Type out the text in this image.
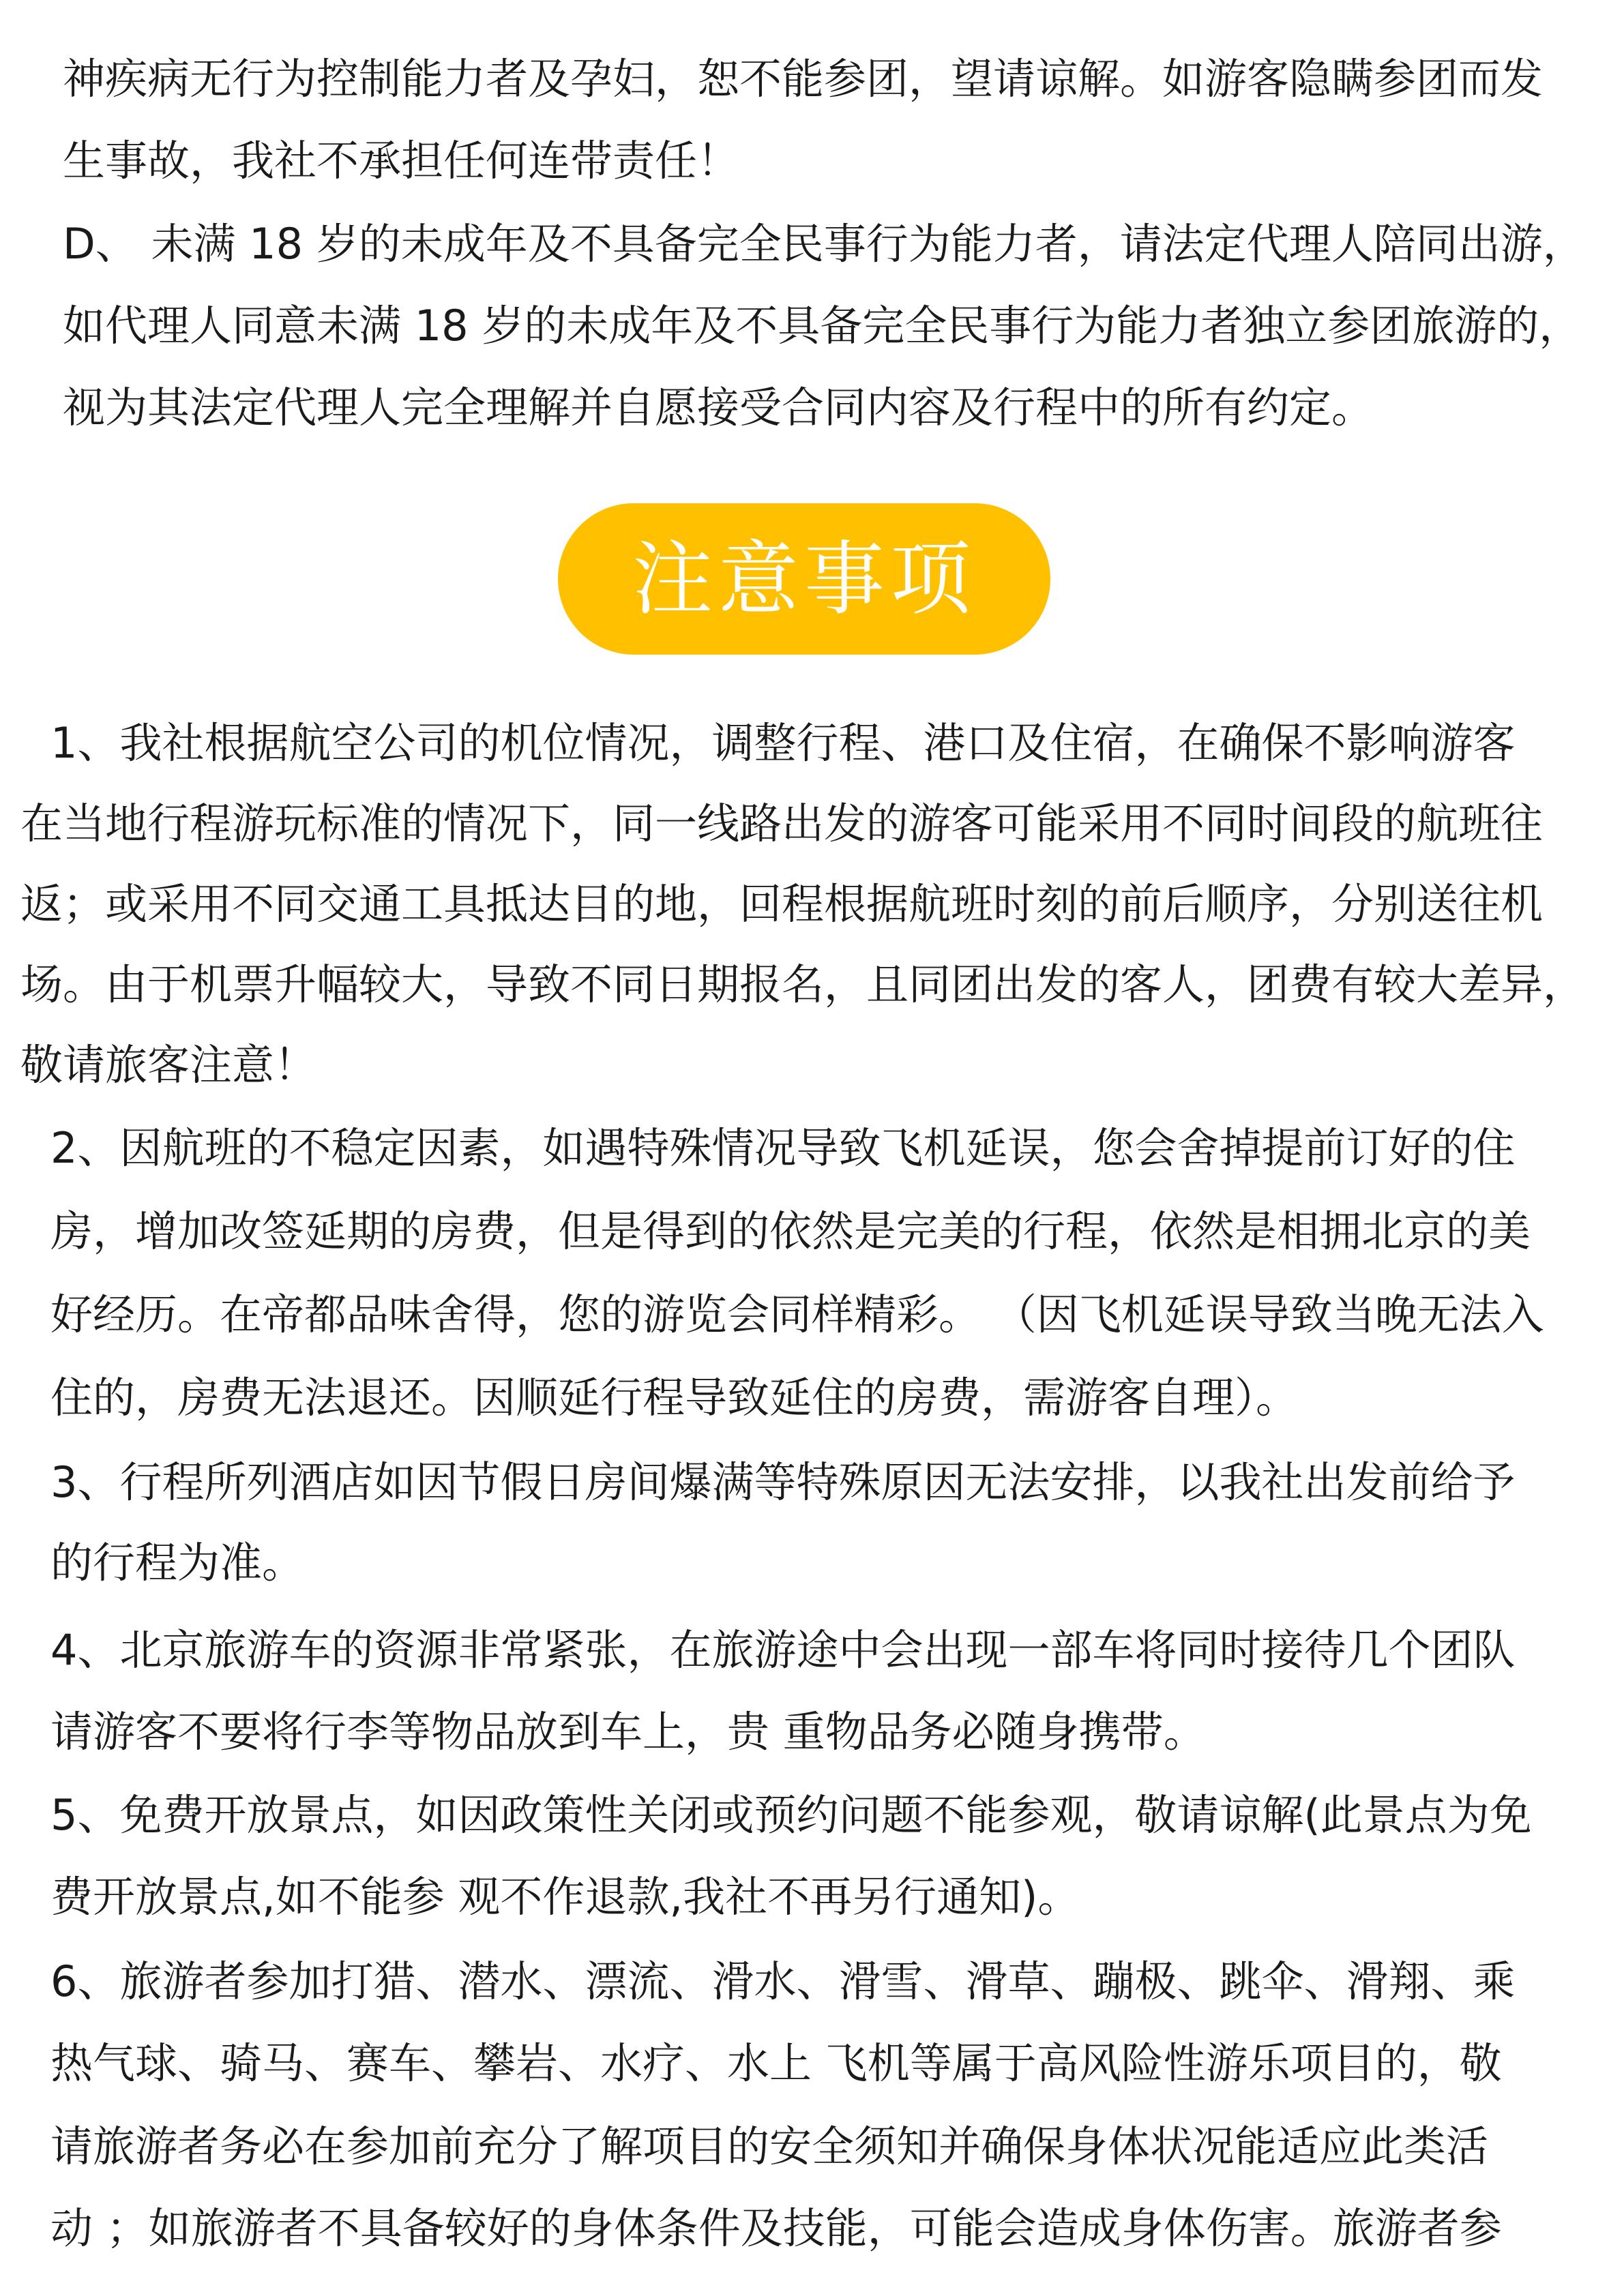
神疾病无行为控制能力者及孕妇，恕不能参团，望请谅解。如游客隐瞒参团而发
生事故，我社不承担任何连带责任！
D、 未满 18 岁的未成年及不具备完全民事行为能力者，请法定代理人陪同出游，
如代理人同意未满 18 岁的未成年及不具备完全民事行为能力者独立参团旅游的，
视为其法定代理人完全理解并自愿接受合同内容及行程中的所有约定。
注意事项
1、我社根据航空公司的机位情况，调整行程、港口及住宿，在确保不影响游客
在当地行程游玩标准的情况下，同一线路出发的游客可能采用不同时间段的航班往
返；或采用不同交通工具抵达目的地，回程根据航班时刻的前后顺序，分别送往机
场。由于机票升幅较大，导致不同日期报名，且同团出发的客人，团费有较大差异，
敬请旅客注意！
2、因航班的不稳定因素，如遇特殊情况导致飞机延误，您会舍掉提前订好的住
房，增加改签延期的房费，但是得到的依然是完美的行程，依然是相拥北京的美
好经历。在帝都品味舍得，您的游览会同样精彩。 （因飞机延误导致当晚无法入
住的，房费无法退还。因顺延行程导致延住的房费，需游客自理）。
3、行程所列酒店如因节假日房间爆满等特殊原因无法安排，以我社出发前给予
的行程为准。
4、北京旅游车的资源非常紧张，在旅游途中会出现一部车将同时接待几个团队
请游客不要将行李等物品放到车上，贵 重物品务必随身携带。
5、免费开放景点，如因政策性关闭或预约问题不能参观，敬请谅解(此景点为免
费开放景点,如不能参 观不作退款,我社不再另行通知)。
6、旅游者参加打猎、潜水、漂流、滑水、滑雪、滑草、蹦极、跳伞、滑翔、乘
热气球、骑马、赛车、攀岩、水疗、水上 飞机等属于高风险性游乐项目的，敬
请旅游者务必在参加前充分了解项目的安全须知并确保身体状况能适应此类活
动 ；如旅游者不具备较好的身体条件及技能，可能会造成身体伤害。旅游者参
